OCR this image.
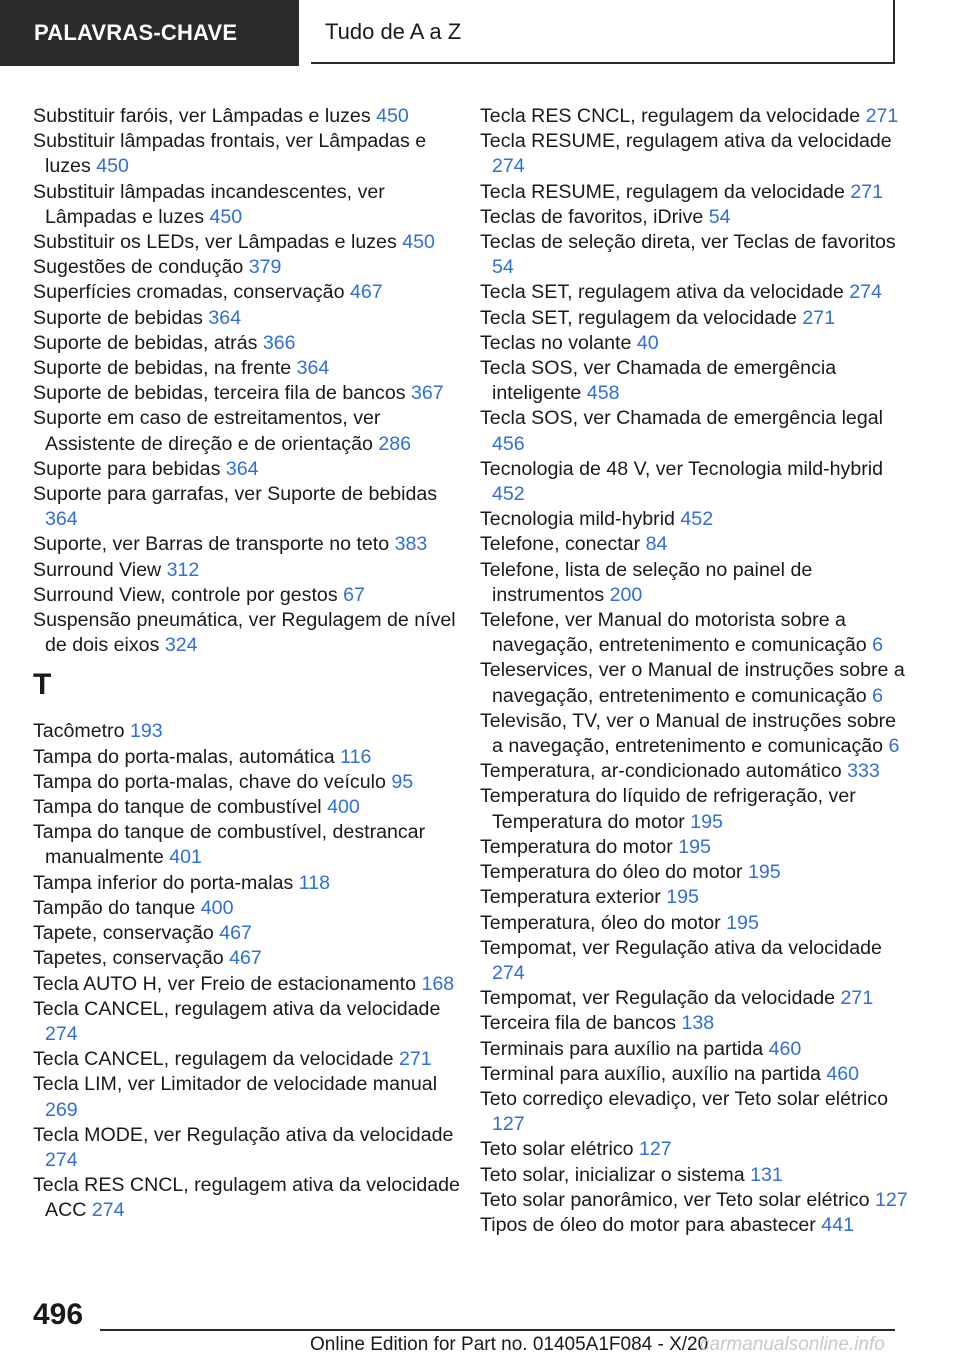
PALAVRAS-CHAVE	Tudo de A a Z
Substituir faróis, ver Lâmpadas e luzes 450
Substituir lâmpadas frontais, ver Lâmpadas e luzes 450
Substituir lâmpadas incandescentes, ver Lâmpadas e luzes 450
Substituir os LEDs, ver Lâmpadas e luzes 450
Sugestões de condução 379
Superfícies cromadas, conservação 467
Suporte de bebidas 364
Suporte de bebidas, atrás 366
Suporte de bebidas, na frente 364
Suporte de bebidas, terceira fila de bancos 367
Suporte em caso de estreitamentos, ver Assistente de direção e de orientação 286
Suporte para bebidas 364
Suporte para garrafas, ver Suporte de bebidas 364
Suporte, ver Barras de transporte no teto 383
Surround View 312
Surround View, controle por gestos 67
Suspensão pneumática, ver Regulagem de nível de dois eixos 324
T
Tacômetro 193
Tampa do porta-malas, automática 116
Tampa do porta-malas, chave do veículo 95
Tampa do tanque de combustível 400
Tampa do tanque de combustível, destrancar manualmente 401
Tampa inferior do porta-malas 118
Tampão do tanque 400
Tapete, conservação 467
Tapetes, conservação 467
Tecla AUTO H, ver Freio de estacionamento 168
Tecla CANCEL, regulagem ativa da velocidade 274
Tecla CANCEL, regulagem da velocidade 271
Tecla LIM, ver Limitador de velocidade manual 269
Tecla MODE, ver Regulação ativa da velocidade 274
Tecla RES CNCL, regulagem ativa da velocidade ACC 274
Tecla RES CNCL, regulagem da velocidade 271
Tecla RESUME, regulagem ativa da velocidade 274
Tecla RESUME, regulagem da velocidade 271
Teclas de favoritos, iDrive 54
Teclas de seleção direta, ver Teclas de favoritos 54
Tecla SET, regulagem ativa da velocidade 274
Tecla SET, regulagem da velocidade 271
Teclas no volante 40
Tecla SOS, ver Chamada de emergência inteligente 458
Tecla SOS, ver Chamada de emergência legal 456
Tecnologia de 48 V, ver Tecnologia mild-hybrid 452
Tecnologia mild-hybrid 452
Telefone, conectar 84
Telefone, lista de seleção no painel de instrumentos 200
Telefone, ver Manual do motorista sobre a navegação, entretenimento e comunicação 6
Teleservices, ver o Manual de instruções sobre a navegação, entretenimento e comunicação 6
Televisão, TV, ver o Manual de instruções sobre a navegação, entretenimento e comunicação 6
Temperatura, ar-condicionado automático 333
Temperatura do líquido de refrigeração, ver Temperatura do motor 195
Temperatura do motor 195
Temperatura do óleo do motor 195
Temperatura exterior 195
Temperatura, óleo do motor 195
Tempomat, ver Regulação ativa da velocidade 274
Tempomat, ver Regulação da velocidade 271
Terceira fila de bancos 138
Terminais para auxílio na partida 460
Terminal para auxílio, auxílio na partida 460
Teto corrediço elevadiço, ver Teto solar elétrico 127
Teto solar elétrico 127
Teto solar, inicializar o sistema 131
Teto solar panorâmico, ver Teto solar elétrico 127
Tipos de óleo do motor para abastecer 441
496
Online Edition for Part no. 01405A1F084 - X/20
carmanualsonline.info
